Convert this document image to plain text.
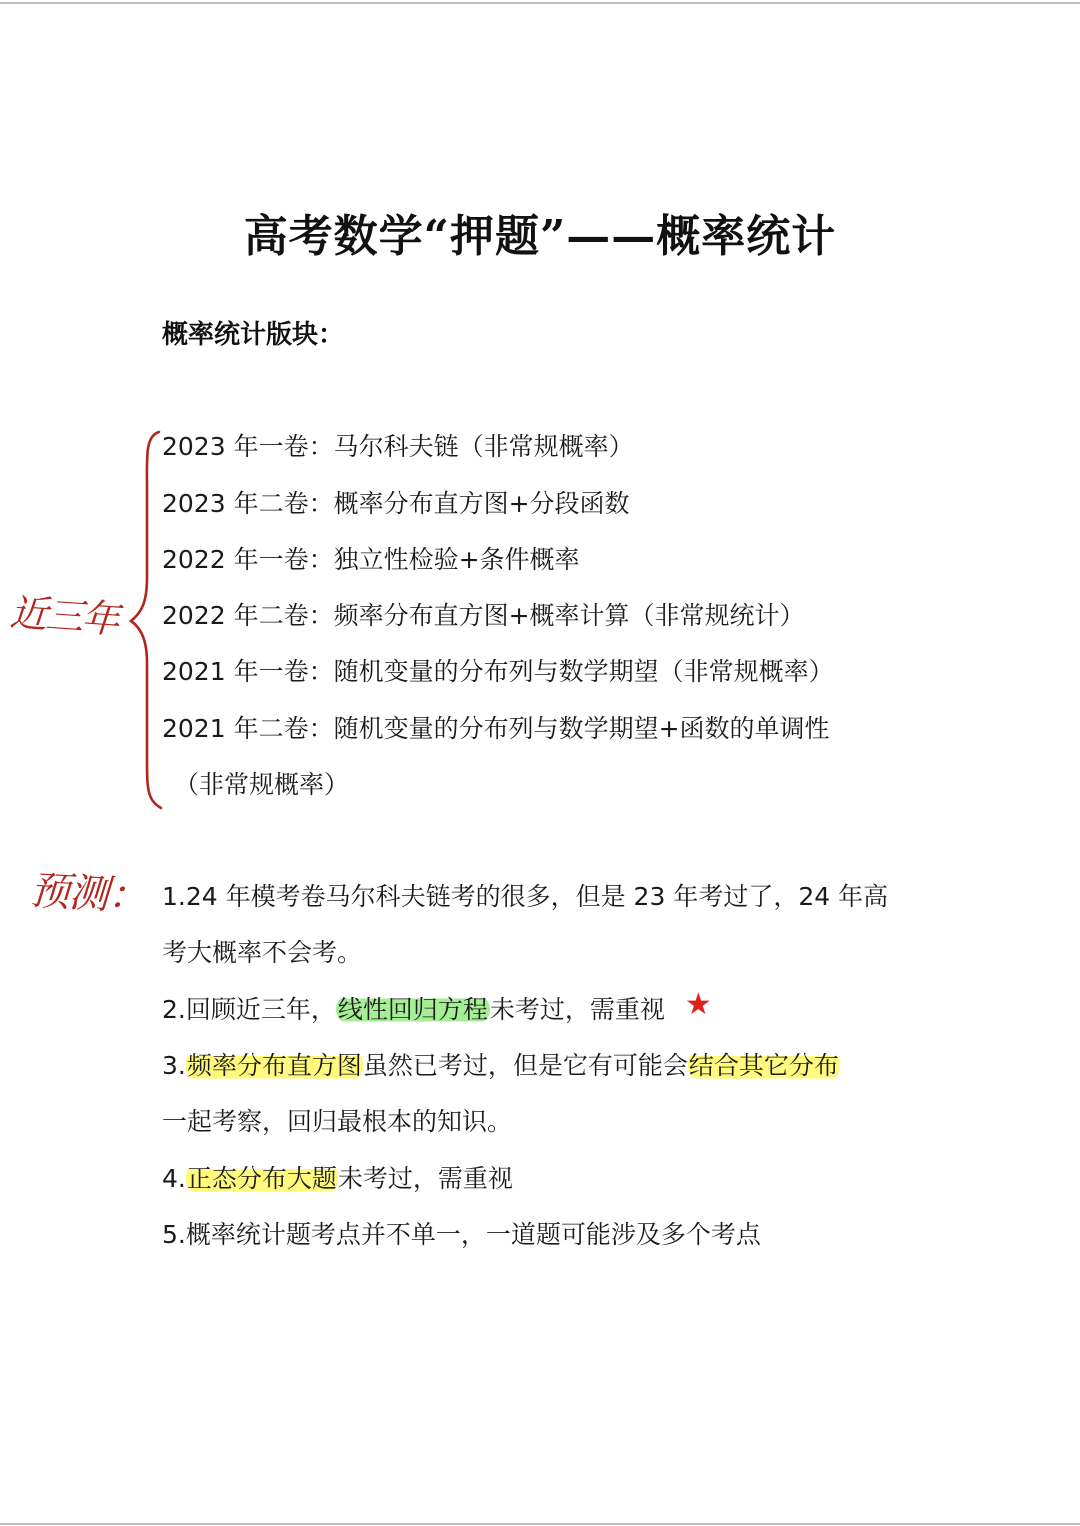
高考数学“押题”——概率统计
概率统计版块：
近三年
预测：
2023 年一卷：马尔科夫链（非常规概率）
2023 年二卷：概率分布直方图+分段函数
2022 年一卷：独立性检验+条件概率
2022 年二卷：频率分布直方图+概率计算（非常规统计）
2021 年一卷：随机变量的分布列与数学期望（非常规概率）
2021 年二卷：随机变量的分布列与数学期望+函数的单调性
（非常规概率）
1.24 年模考卷马尔科夫链考的很多，但是 23 年考过了，24 年高
考大概率不会考。
2.回顾近三年，线性回归方程未考过，需重视 ★
3.频率分布直方图虽然已考过，但是它有可能会结合其它分布
一起考察，回归最根本的知识。
4.正态分布大题未考过，需重视
5.概率统计题考点并不单一，一道题可能涉及多个考点
